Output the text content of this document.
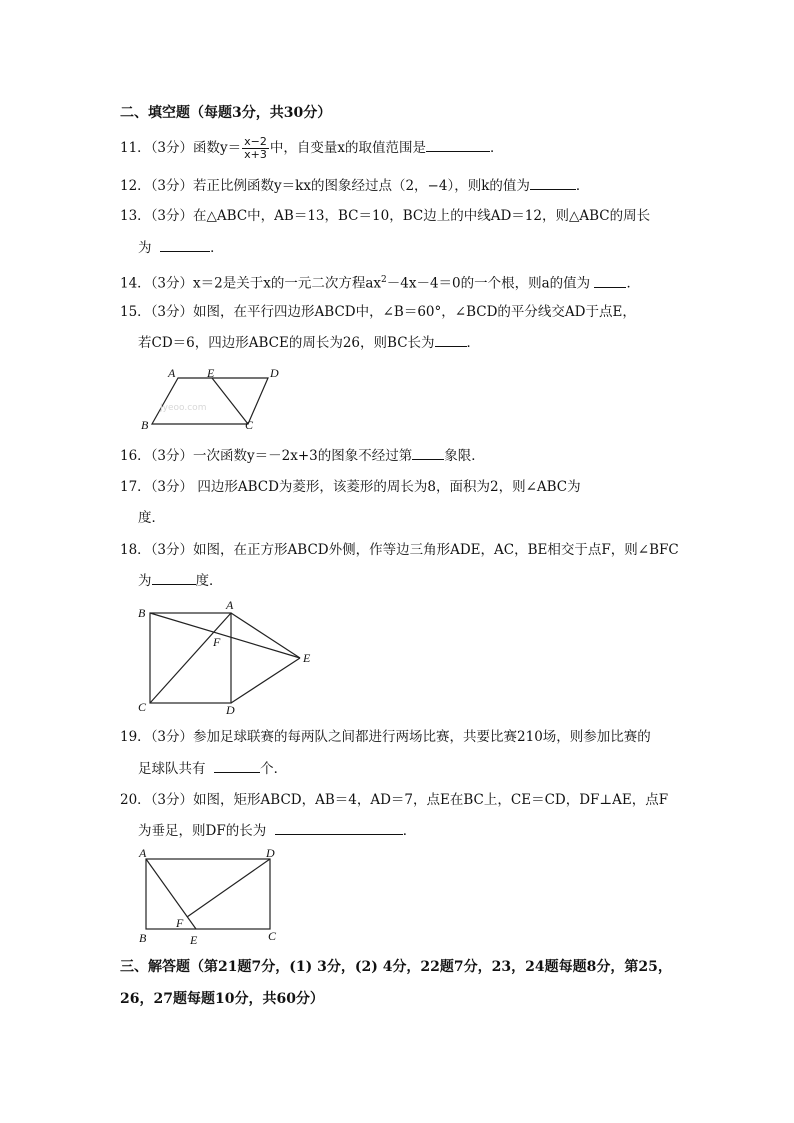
二、填空题（每题3分，共30分）
11．（3分）函数$y= \frac{x-2}{x+3}$ 中，自变量x的取值范围是	．
12．（3分）若正比例函数y＝kx的图象经过点（2，−4），则k的值为	．
13．（3分）在△ABC中，AB＝13，BC＝10，BC边上的中线AD＝12，则△ABC的周长
为	．
14．（3分）x＝2是关于x的一元二次方程$ax^2-4x-4=0$的一个根，则a的值为	．
15．（3分）如图，在平行四边形ABCD中，∠B＝60°，∠BCD的平分线交AD于点E，
若CD＝6，四边形ABCE的周长为26，则BC长为 ．
Jyeoo.com
A	E	D
B	C
16．（3分）一次函数y＝－2x+3的图象不经过第 象限．
17．（3分） 四边形ABCD为菱形，该菱形的周长为8，面积为2，则∠ABC为
度．
18．（3分）如图，在正方形ABCD外侧，作等边三角形ADE，AC，BE相交于点F，则∠BFC
为	度．
B
A
F
E
C	D
19．（3分）参加足球联赛的每两队之间都进行两场比赛，共要比赛210场，则参加比赛的
足球队共有	个．
20．（3分）如图，矩形ABCD，AB＝4，AD＝7，点E在BC上，CE＝CD，DF⊥AE，点F
为垂足，则DF的长为	．
A	D
F
B	E	C
三、解答题（第21题7分，(1) 3分，(2) 4分，22题7分，23，24题每题8分，第25，
26，27题每题10分，共60分）
